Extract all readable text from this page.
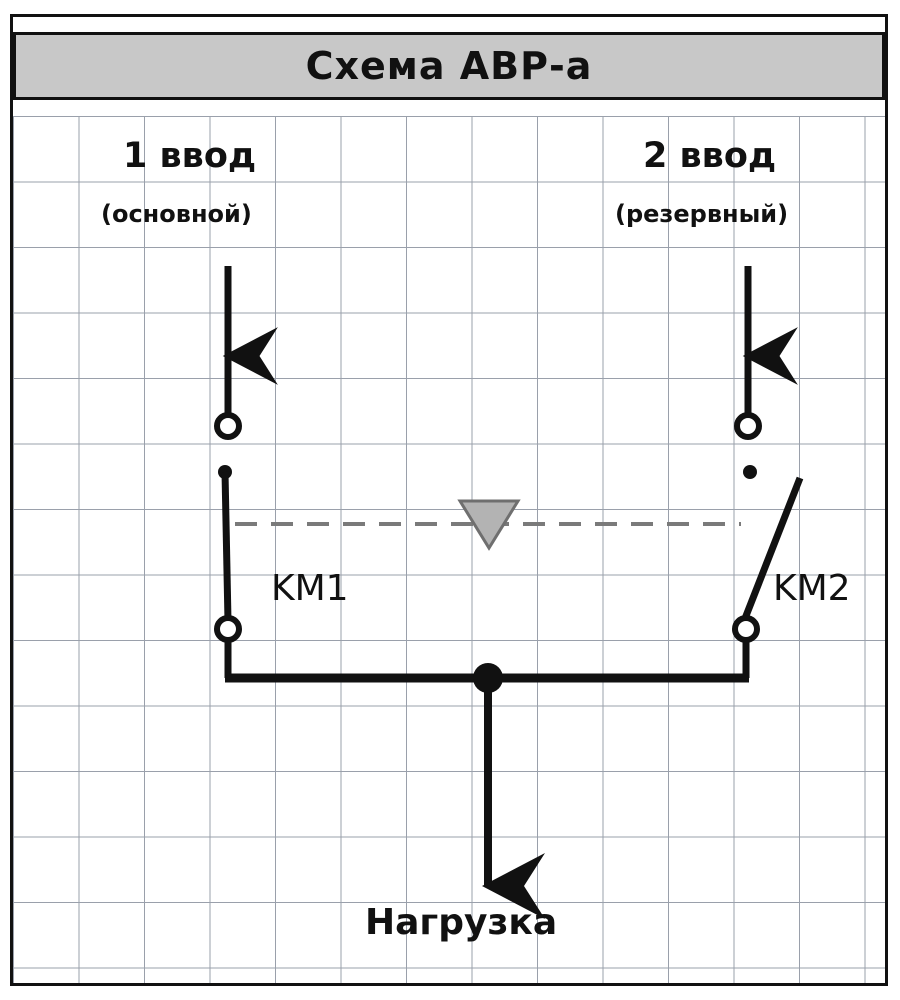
Схема АВР-а
1 ввод
(основной)
2 ввод
(резервный)
KM1	KM2
Нагрузка
